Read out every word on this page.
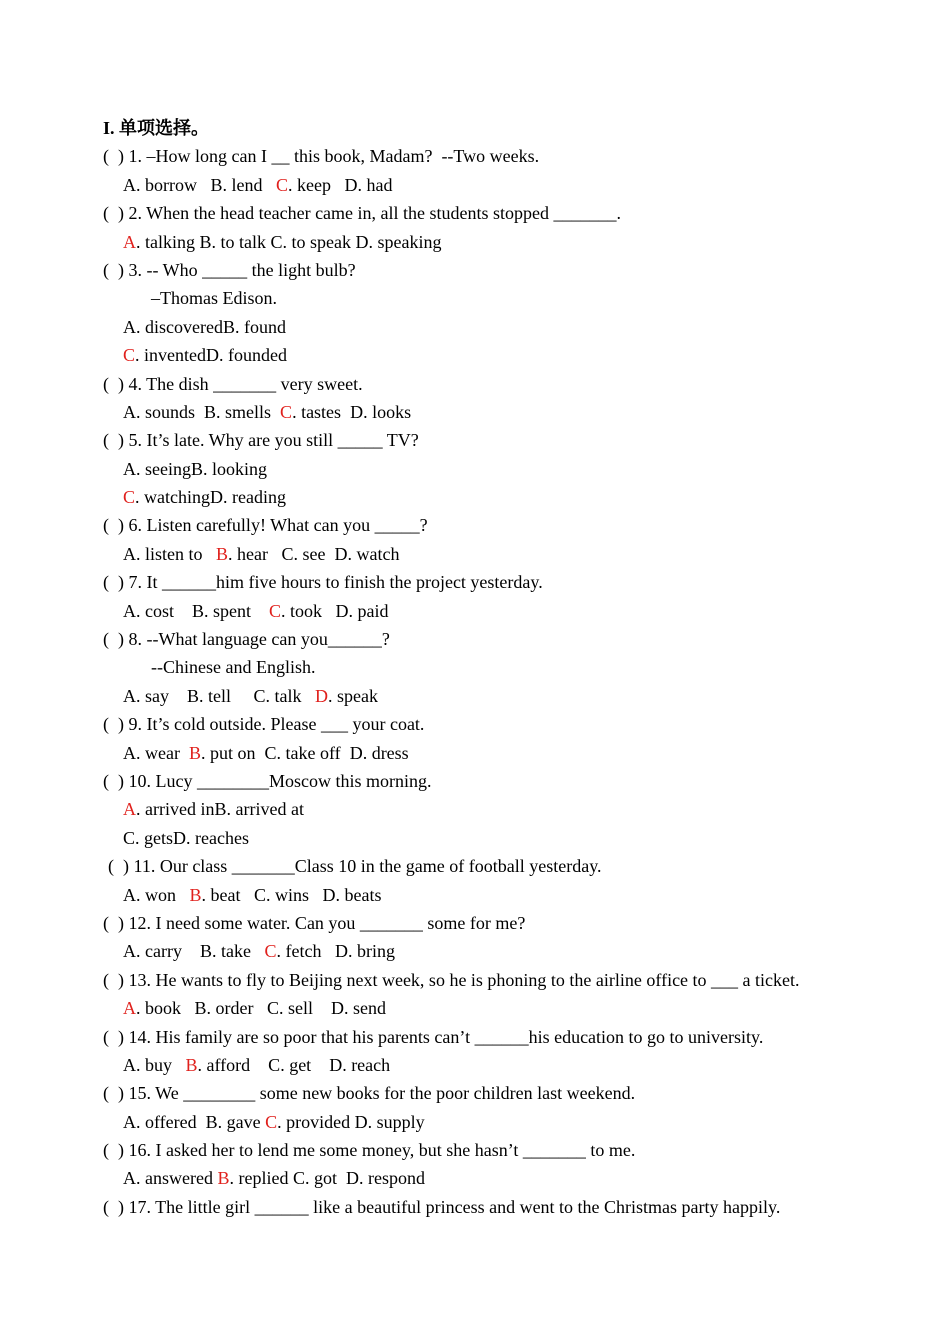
I. 单项选择。
(  ) 1. –How long can I __ this book, Madam?  --Two weeks.
A. borrow B. lend C. keep D. had
(  ) 2. When the head teacher came in, all the students stopped _______.
A. talking B. to talk C. to speak D. speaking
(  ) 3. -- Who _____ the light bulb?
–Thomas Edison.
A. discoveredB. found
C. inventedD. founded
(  ) 4. The dish _______ very sweet.
A. sounds B. smells C. tastes D. looks
(  ) 5. It’s late. Why are you still _____ TV?
A. seeingB. looking
C. watchingD. reading
(  ) 6. Listen carefully! What can you _____?
A. listen to B. hear C. see D. watch
(  ) 7. It ______him five hours to finish the project yesterday.
A. cost B. spent C. took D. paid
(  ) 8. --What language can you______?
--Chinese and English.
A. say B. tell C. talk D. speak
(  ) 9. It’s cold outside. Please ___ your coat.
A. wear B. put on C. take off D. dress
(  ) 10. Lucy ________Moscow this morning.
A. arrived inB. arrived at
C. getsD. reaches
(  ) 11. Our class _______Class 10 in the game of football yesterday.
A. won B. beat C. wins D. beats
(  ) 12. I need some water. Can you _______ some for me?
A. carry B. take C. fetch D. bring
(  ) 13. He wants to fly to Beijing next week, so he is phoning to the airline office to ___ a ticket.
A. book B. order C. sell D. send
(  ) 14. His family are so poor that his parents can’t ______his education to go to university.
A. buy B. afford C. get D. reach
(  ) 15. We ________ some new books for the poor children last weekend.
A. offered B. gave C. provided D. supply
(  ) 16. I asked her to lend me some money, but she hasn’t _______ to me.
A. answered B. replied C. got D. respond
(  ) 17. The little girl ______ like a beautiful princess and went to the Christmas party happily.
